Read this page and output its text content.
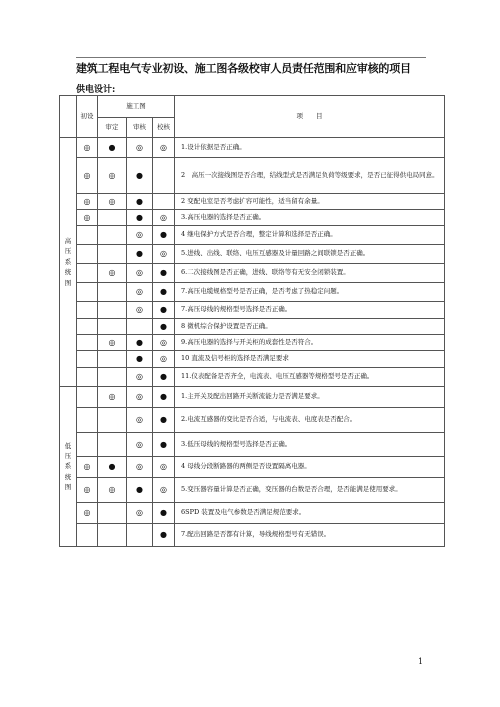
建筑工程电气专业初设、施工图各级校审人员责任范围和应审核的项目
供电设计:
	初设	施工图			项　　目
		审定	审核	校核	

高
压
系
统
图	◎	●	◎	◎	1.设计依据是否正确。
	◎	◎	●		2　高压一次接线图是否合理，结线型式是否满足负荷等级要求，是否已征得供电局同意。
	◎	◎	●		2 变配电室是否考虑扩容可能性，适当留有余量。
	◎		●	◎	3.高压电器的选择是否正确。
			◎	●	4 继电保护方式是否合理，整定计算和选择是否正确。
			●	◎	5.进线、出线、联络、电压互感器及计量回路之间联锁是否正确。
		◎	◎	●	6.二次接线图是否正确，进线、联络等有无安全闭锁装置。
			◎	●	7.高压电缆规格型号是否正确，是否考虑了热稳定问题。
			◎	●	7.高压母线的规格型号选择是否正确。
				●	8 微机综合保护设置是否正确。
		◎	●	◎	9.高压电器的选择与开关柜的成套性是否符合。
			●	◎	10 直流及信号柜的选择是否满足要求
			◎	●	11.仪表配备是否齐全，电流表、电压互感器等规格型号是否正确。

低
压
系
统
图		◎	◎	●	1.主开关及配出回路开关断流能力是否满足要求。
			◎	●	2.电流互感器的变比是否合适，与电流表、电度表是否配合。
			◎	●	3.低压母线的规格型号选择是否正确。
	◎	●	◎	◎	4 母线分段断路器的两侧是否设置隔离电器。
	◎	◎	●	◎	5.变压器容量计算是否正确，变压器的台数是否合理，是否能满足使用要求。
	◎		◎	●	6SPD 装置及电气参数是否满足规范要求。
				●	7.配出回路是否都有计算，导线规格型号有无错误。
1
